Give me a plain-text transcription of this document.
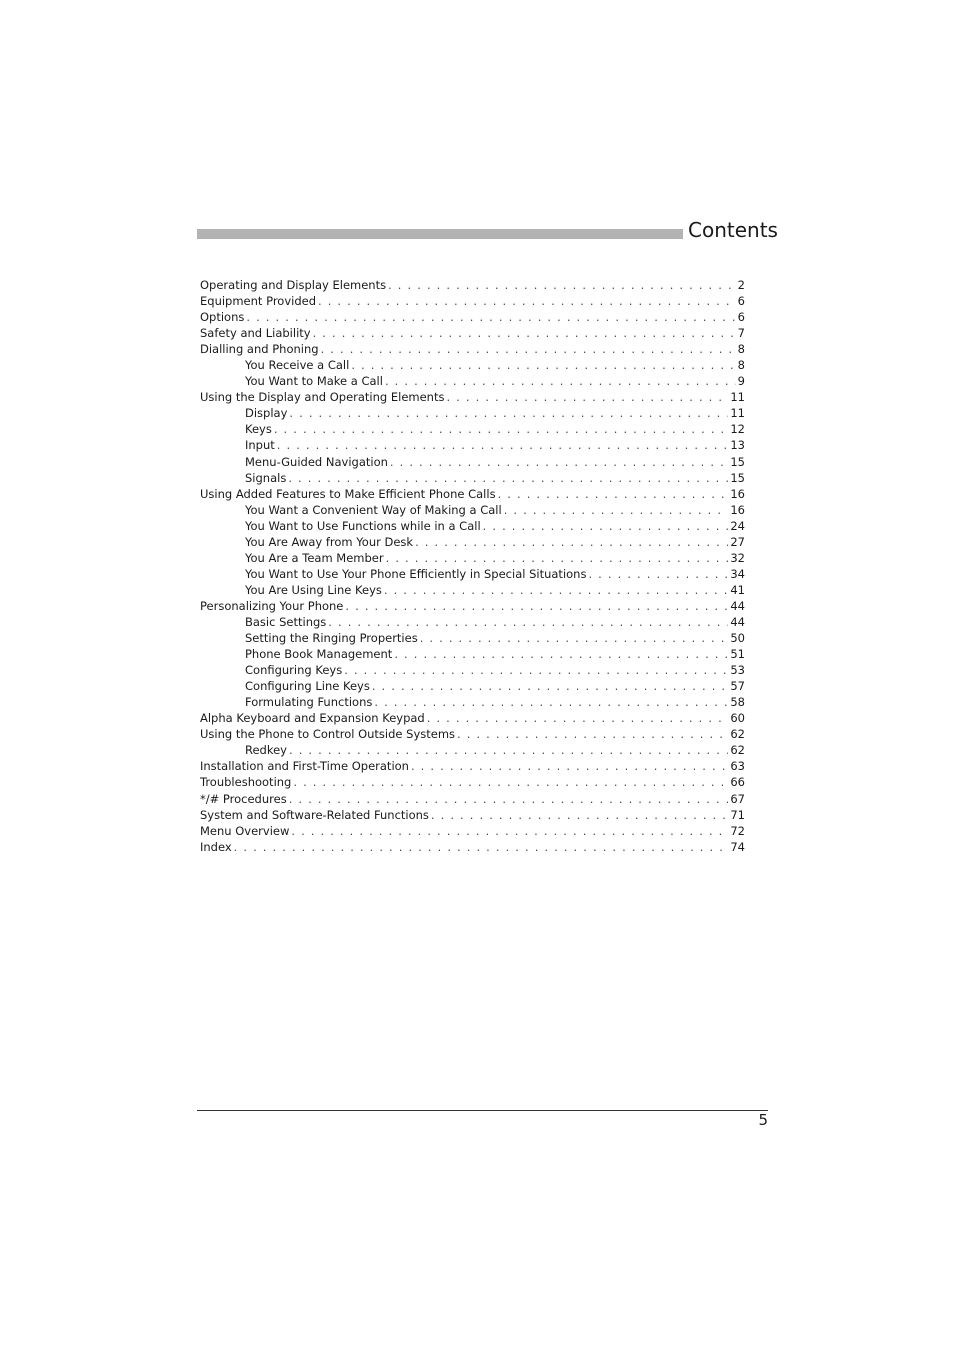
Contents
Operating and Display Elements . . .	2
Equipment Provided . . .	6
Options . . .	6
Safety and Liability . . .	7
Dialling and Phoning . . .	8
You Receive a Call . . .	8
You Want to Make a Call . . .	9
Using the Display and Operating Elements . . .	11
Display . . .	11
Keys . . .	12
Input . . .	13
Menu-Guided Navigation . . .	15
Signals . . .	15
Using Added Features to Make Efficient Phone Calls . . .	16
You Want a Convenient Way of Making a Call . . .	16
You Want to Use Functions while in a Call . . .	24
You Are Away from Your Desk . . .	27
You Are a Team Member . . .	32
You Want to Use Your Phone Efficiently in Special Situations . . .	34
You Are Using Line Keys . . .	41
Personalizing Your Phone . . .	44
Basic Settings . . .	44
Setting the Ringing Properties . . .	50
Phone Book Management . . .	51
Configuring Keys . . .	53
Configuring Line Keys . . .	57
Formulating Functions . . .	58
Alpha Keyboard and Expansion Keypad . . .	60
Using the Phone to Control Outside Systems . . .	62
Redkey . . .	62
Installation and First-Time Operation . . .	63
Troubleshooting . . .	66
*/# Procedures . . .	67
System and Software-Related Functions . . .	71
Menu Overview . . .	72
Index . . .	74
5
